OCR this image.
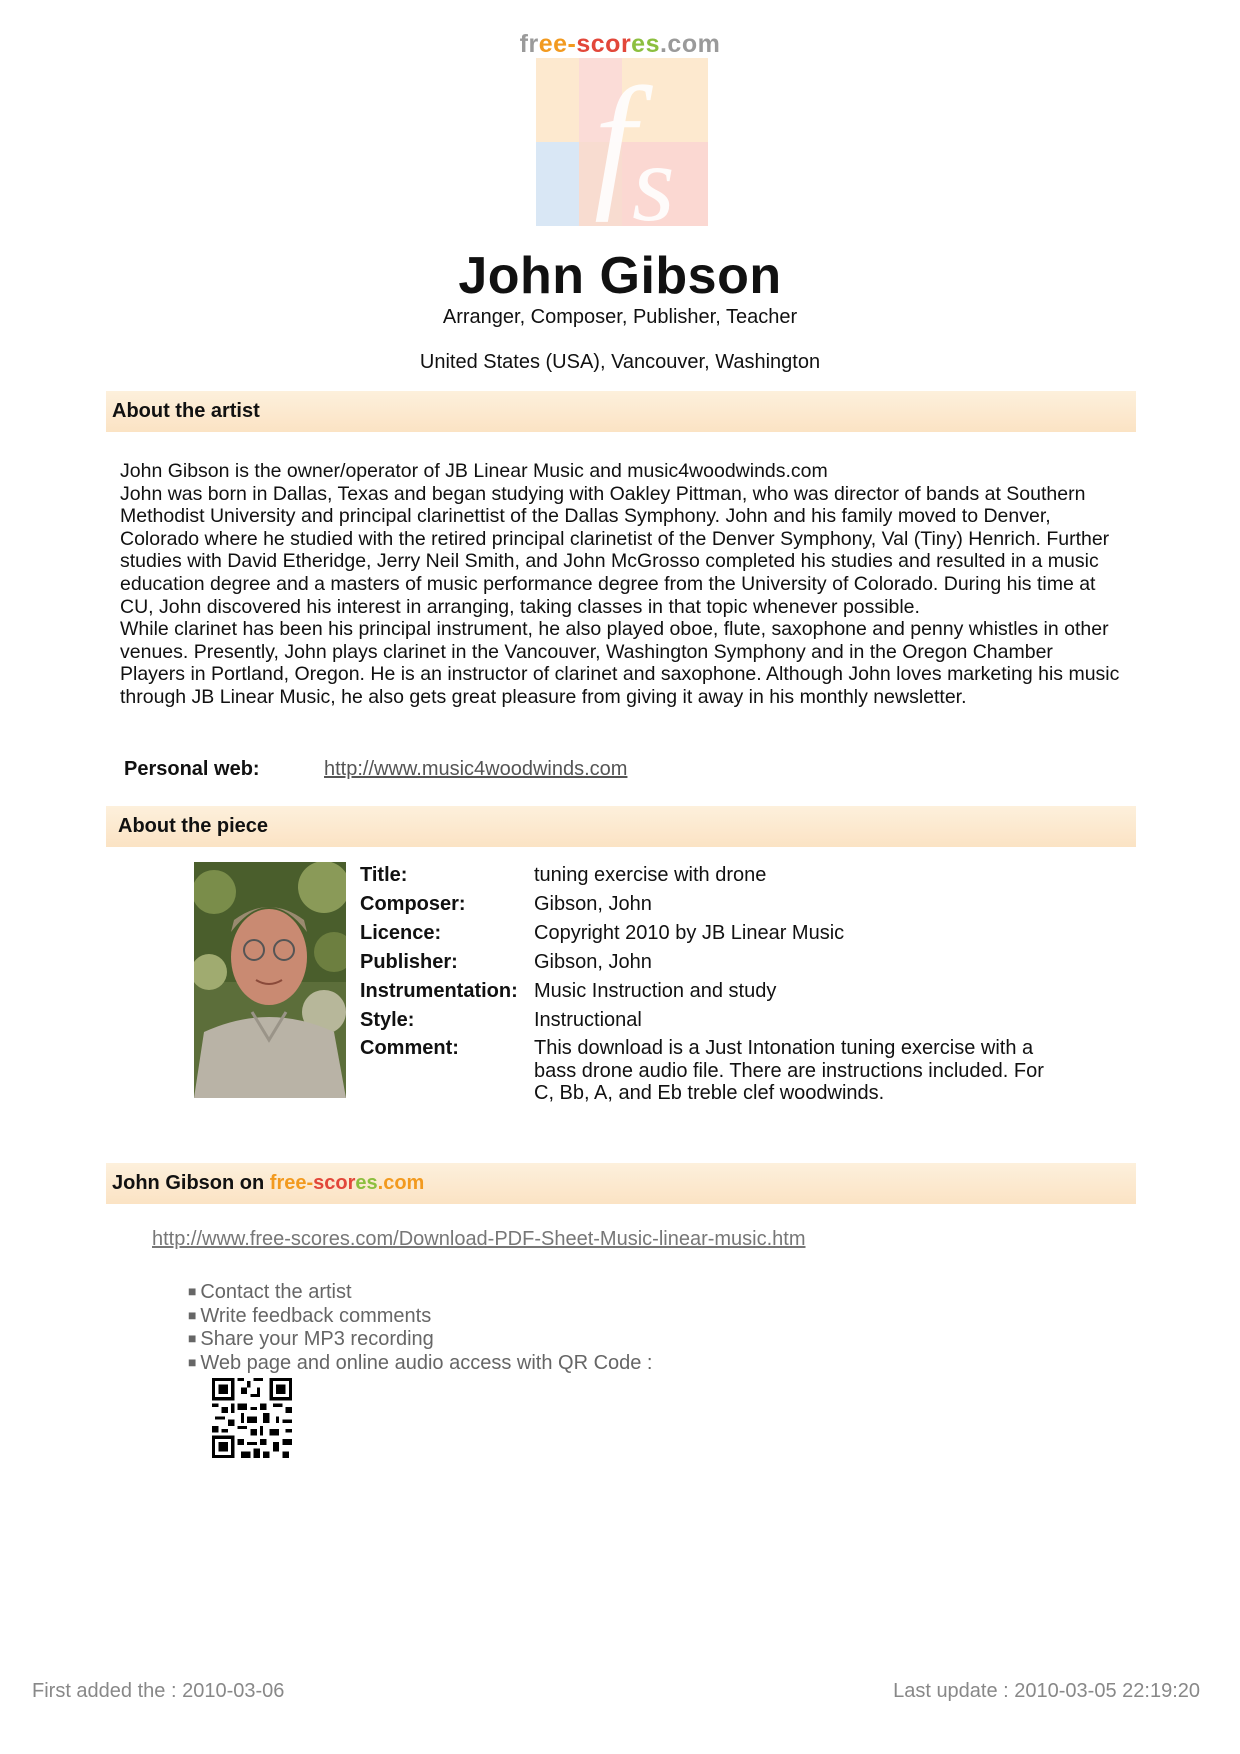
free-scores.com
f
s
John Gibson
Arranger, Composer, Publisher, Teacher
United States (USA), Vancouver, Washington
About the artist

John Gibson is the owner/operator of JB Linear Music and music4woodwinds.com

John was born in Dallas, Texas and began studying with Oakley Pittman, who was director of bands at Southern Methodist University and principal clarinettist of the Dallas Symphony. John and his family moved to Denver, Colorado where he studied with the retired principal clarinetist of the Denver Symphony, Val (Tiny) Henrich. Further studies with David Etheridge, Jerry Neil Smith, and John McGrosso completed his studies and resulted in a music education degree and a masters of music performance degree from the University of Colorado. During his time at CU, John discovered his interest in arranging, taking classes in that topic whenever possible.

While clarinet has been his principal instrument, he also played oboe, flute, saxophone and penny whistles in other venues. Presently, John plays clarinet in the Vancouver, Washington Symphony and in the Oregon Chamber Players in Portland, Oregon. He is an instructor of clarinet and saxophone. Although John loves marketing his music through JB Linear Music, he also gets great pleasure from giving it away in his monthly newsletter.

Personal web:	http://www.music4woodwinds.com
About the piece
Title:	tuning exercise with drone
Composer:	Gibson, John
Licence:	Copyright 2010 by JB Linear Music
Publisher:	Gibson, John
Instrumentation: Music Instruction and study
Style:	Instructional
Comment:	This download is a Just Intonation tuning exercise with a bass drone audio file. There are instructions included. For C, Bb, A, and Eb treble clef woodwinds.
John Gibson on free-scores.com
http://www.free-scores.com/Download-PDF-Sheet-Music-linear-music.htm
■ Contact the artist
■ Write feedback comments
■ Share your MP3 recording
■ Web page and online audio access with QR Code :
First added the : 2010-03-06	Last update : 2010-03-05 22:19:20
